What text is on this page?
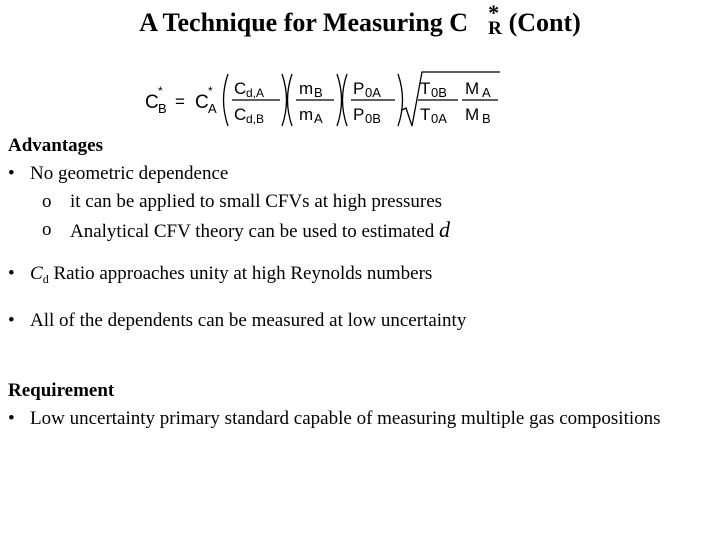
A Technique for Measuring C *
R (Cont)
C
*
B = C
*
A
C d,A
C d,B
m B
m A
P 0A
P 0B
T 0B
T 0A
M A
M B
Advantages
• No geometric dependence
o it can be applied to small CFVs at high pressures
o Analytical CFV theory can be used to estimated d
• $C_d$ Ratio approaches unity at high Reynolds numbers
• All of the dependents can be measured at low uncertainty
Requirement
• Low uncertainty primary standard capable of measuring multiple gas compositions
